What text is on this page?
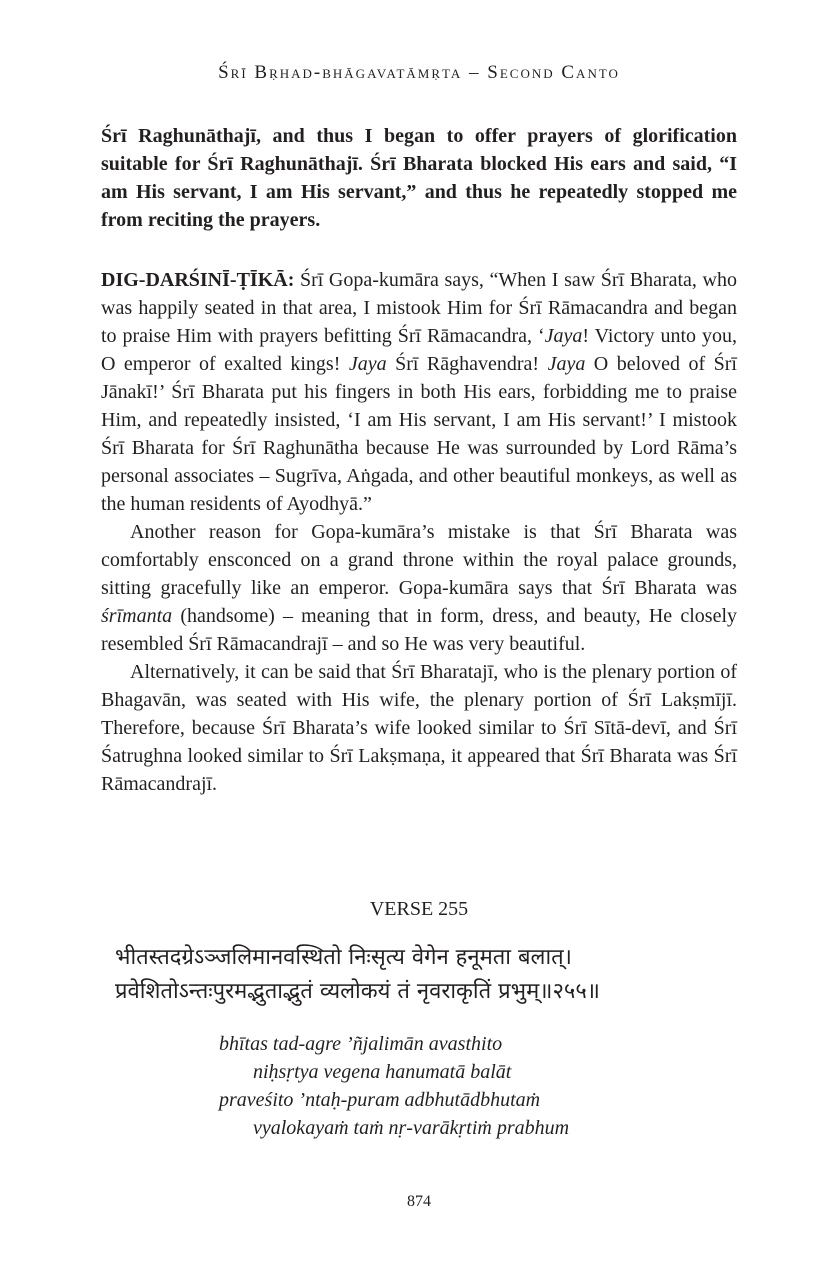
Śrī Bṛhad-bhāgavatāmṛta – Second Canto
Śrī Raghunāthajī, and thus I began to offer prayers of glorification suitable for Śrī Raghunāthajī. Śrī Bharata blocked His ears and said, “I am His servant, I am His servant,” and thus he repeatedly stopped me from reciting the prayers.

DIG-DARŚINĪ-ṬĪKĀ: Śrī Gopa-kumāra says, “When I saw Śrī Bharata, who was happily seated in that area, I mistook Him for Śrī Rāmacandra and began to praise Him with prayers befitting Śrī Rāmacandra, ‘Jaya! Victory unto you, O emperor of exalted kings! Jaya Śrī Rāghavendra! Jaya O beloved of Śrī Jānakī!’ Śrī Bharata put his fingers in both His ears, forbidding me to praise Him, and repeatedly insisted, ‘I am His servant, I am His servant!’ I mistook Śrī Bharata for Śrī Raghunātha because He was surrounded by Lord Rāma’s personal associates – Sugrīva, Aṅgada, and other beautiful monkeys, as well as the human residents of Ayodhyā.”

Another reason for Gopa-kumāra’s mistake is that Śrī Bharata was comfortably ensconced on a grand throne within the royal palace grounds, sitting gracefully like an emperor. Gopa-kumāra says that Śrī Bharata was śrīmanta (handsome) – meaning that in form, dress, and beauty, He closely resembled Śrī Rāmacandrajī – and so He was very beautiful.

Alternatively, it can be said that Śrī Bharatajī, who is the plenary portion of Bhagavān, was seated with His wife, the plenary portion of Śrī Lakṣmījī. Therefore, because Śrī Bharata’s wife looked similar to Śrī Sītā-devī, and Śrī Śatrughna looked similar to Śrī Lakṣmaṇa, it appeared that Śrī Bharata was Śrī Rāmacandrajī.

VERSE 255
भीतस्तदग्रेऽञ्जलिमानवस्थितो निःसृत्य वेगेन हनूमता बलात्।
प्रवेशितोऽन्तःपुरमद्भुताद्भुतं व्यलोकयं तं नृवराकृतिं प्रभुम्॥२५५॥
bhītas tad-agre ’ñjalimān avasthito
niḥsṛtya vegena hanumatā balāt
praveśito ’ntaḥ-puram adbhutādbhutaṁ
vyalokayaṁ taṁ nṛ-varākṛtiṁ prabhum
874
